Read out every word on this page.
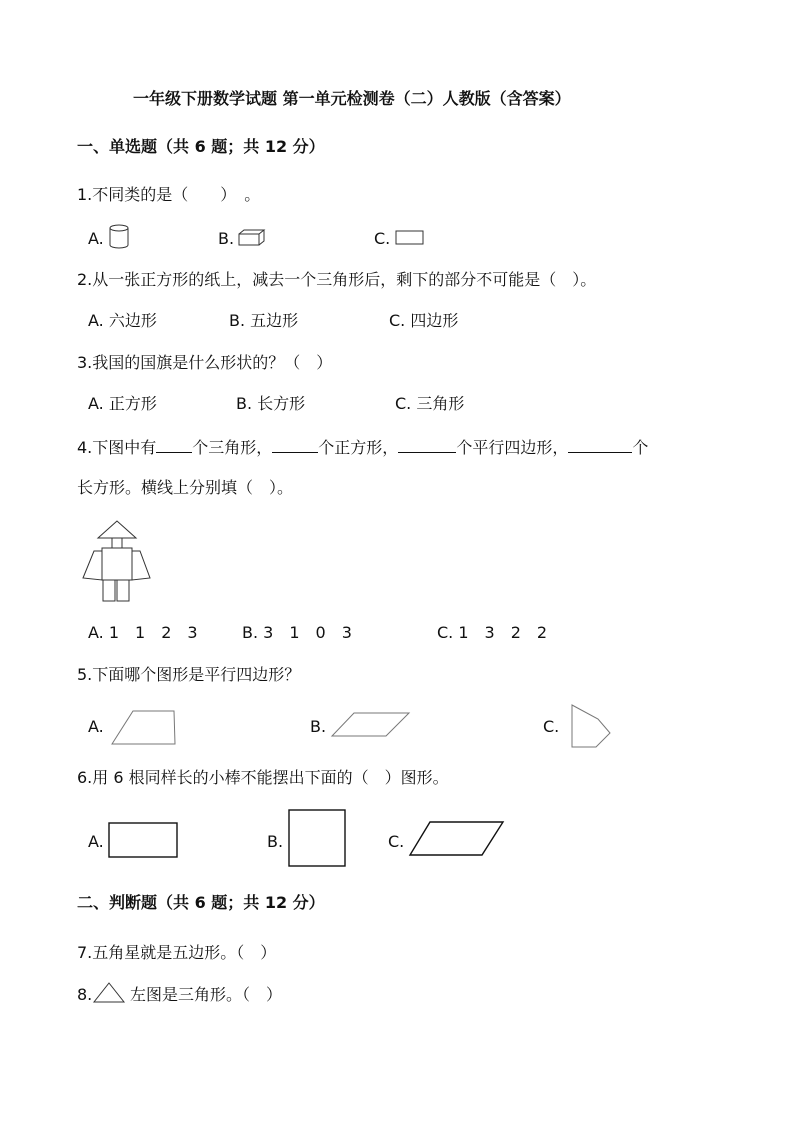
一年级下册数学试题 第一单元检测卷（二）人教版（含答案）
一、单选题（共 6 题；共 12 分）
1.不同类的是（　　）　。
A.	B.	C.
2.从一张正方形的纸上，减去一个三角形后，剩下的部分不可能是（　）。
A. 六边形	B. 五边形	C. 四边形
3.我国的国旗是什么形状的？（　）
A. 正方形	B. 长方形	C. 三角形
4.下图中有 个三角形，	个正方形，	个平行四边形，	个
长方形。横线上分别填（　）。
A. 1　1　2　3	B. 3　1　0　3	C. 1　3　2　2
5.下面哪个图形是平行四边形？
A.	B.	C.
6.用 6 根同样长的小棒不能摆出下面的（　）图形。
A.	B.	C.
二、判断题（共 6 题；共 12 分）
7.五角星就是五边形。（　）
8. 左图是三角形。（　）
